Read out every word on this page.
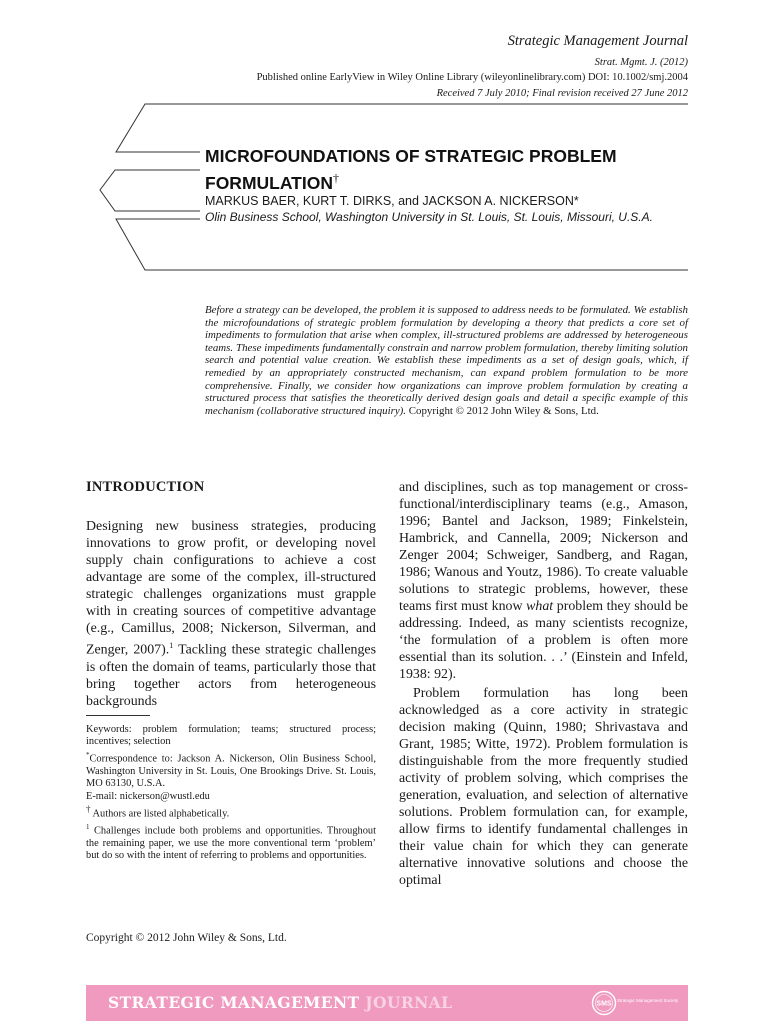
Strategic Management Journal
Strat. Mgmt. J. (2012)
Published online EarlyView in Wiley Online Library (wileyonlinelibrary.com) DOI: 10.1002/smj.2004
Received 7 July 2010; Final revision received 27 June 2012
MICROFOUNDATIONS OF STRATEGIC PROBLEM FORMULATION†
MARKUS BAER, KURT T. DIRKS, and JACKSON A. NICKERSON*
Olin Business School, Washington University in St. Louis, St. Louis, Missouri, U.S.A.
Before a strategy can be developed, the problem it is supposed to address needs to be formulated. We establish the microfoundations of strategic problem formulation by developing a theory that predicts a core set of impediments to formulation that arise when complex, ill-structured problems are addressed by heterogeneous teams. These impediments fundamentally constrain and narrow problem formulation, thereby limiting solution search and potential value creation. We establish these impediments as a set of design goals, which, if remedied by an appropriately constructed mechanism, can expand problem formulation to be more comprehensive. Finally, we consider how organizations can improve problem formulation by creating a structured process that satisfies the theoretically derived design goals and detail a specific example of this mechanism (collaborative structured inquiry). Copyright © 2012 John Wiley & Sons, Ltd.
INTRODUCTION
Designing new business strategies, producing innovations to grow profit, or developing novel supply chain configurations to achieve a cost advantage are some of the complex, ill-structured strategic challenges organizations must grapple with in creating sources of competitive advantage (e.g., Camillus, 2008; Nickerson, Silverman, and Zenger, 2007).$^1$ Tackling these strategic challenges is often the domain of teams, particularly those that bring together actors from heterogeneous backgrounds

Keywords: problem formulation; teams; structured process; incentives; selection

*Correspondence to: Jackson A. Nickerson, Olin Business School, Washington University in St. Louis, One Brookings Drive. St. Louis, MO 63130, U.S.A.

E-mail: nickerson@wustl.edu

† Authors are listed alphabetically.

$^1$ Challenges include both problems and opportunities. Throughout the remaining paper, we use the more conventional term ‘problem’ but do so with the intent of referring to problems and opportunities.

and disciplines, such as top management or cross-functional/interdisciplinary teams (e.g., Amason, 1996; Bantel and Jackson, 1989; Finkelstein, Hambrick, and Cannella, 2009; Nickerson and Zenger 2004; Schweiger, Sandberg, and Ragan, 1986; Wanous and Youtz, 1986). To create valuable solutions to strategic problems, however, these teams first must know what problem they should be addressing. Indeed, as many scientists recognize, ‘the formulation of a problem is often more essential than its solution. . .’ (Einstein and Infeld, 1938: 92).
Problem formulation has long been acknowledged as a core activity in strategic decision making (Quinn, 1980; Shrivastava and Grant, 1985; Witte, 1972). Problem formulation is distinguishable from the more frequently studied activity of problem solving, which comprises the generation, evaluation, and selection of alternative solutions. Problem formulation can, for example, allow firms to identify fundamental challenges in their value chain for which they can generate alternative innovative solutions and choose the optimal
Copyright © 2012 John Wiley & Sons, Ltd.
STRATEGIC MANAGEMENT JOURNAL	SMS Strategic Management Society
